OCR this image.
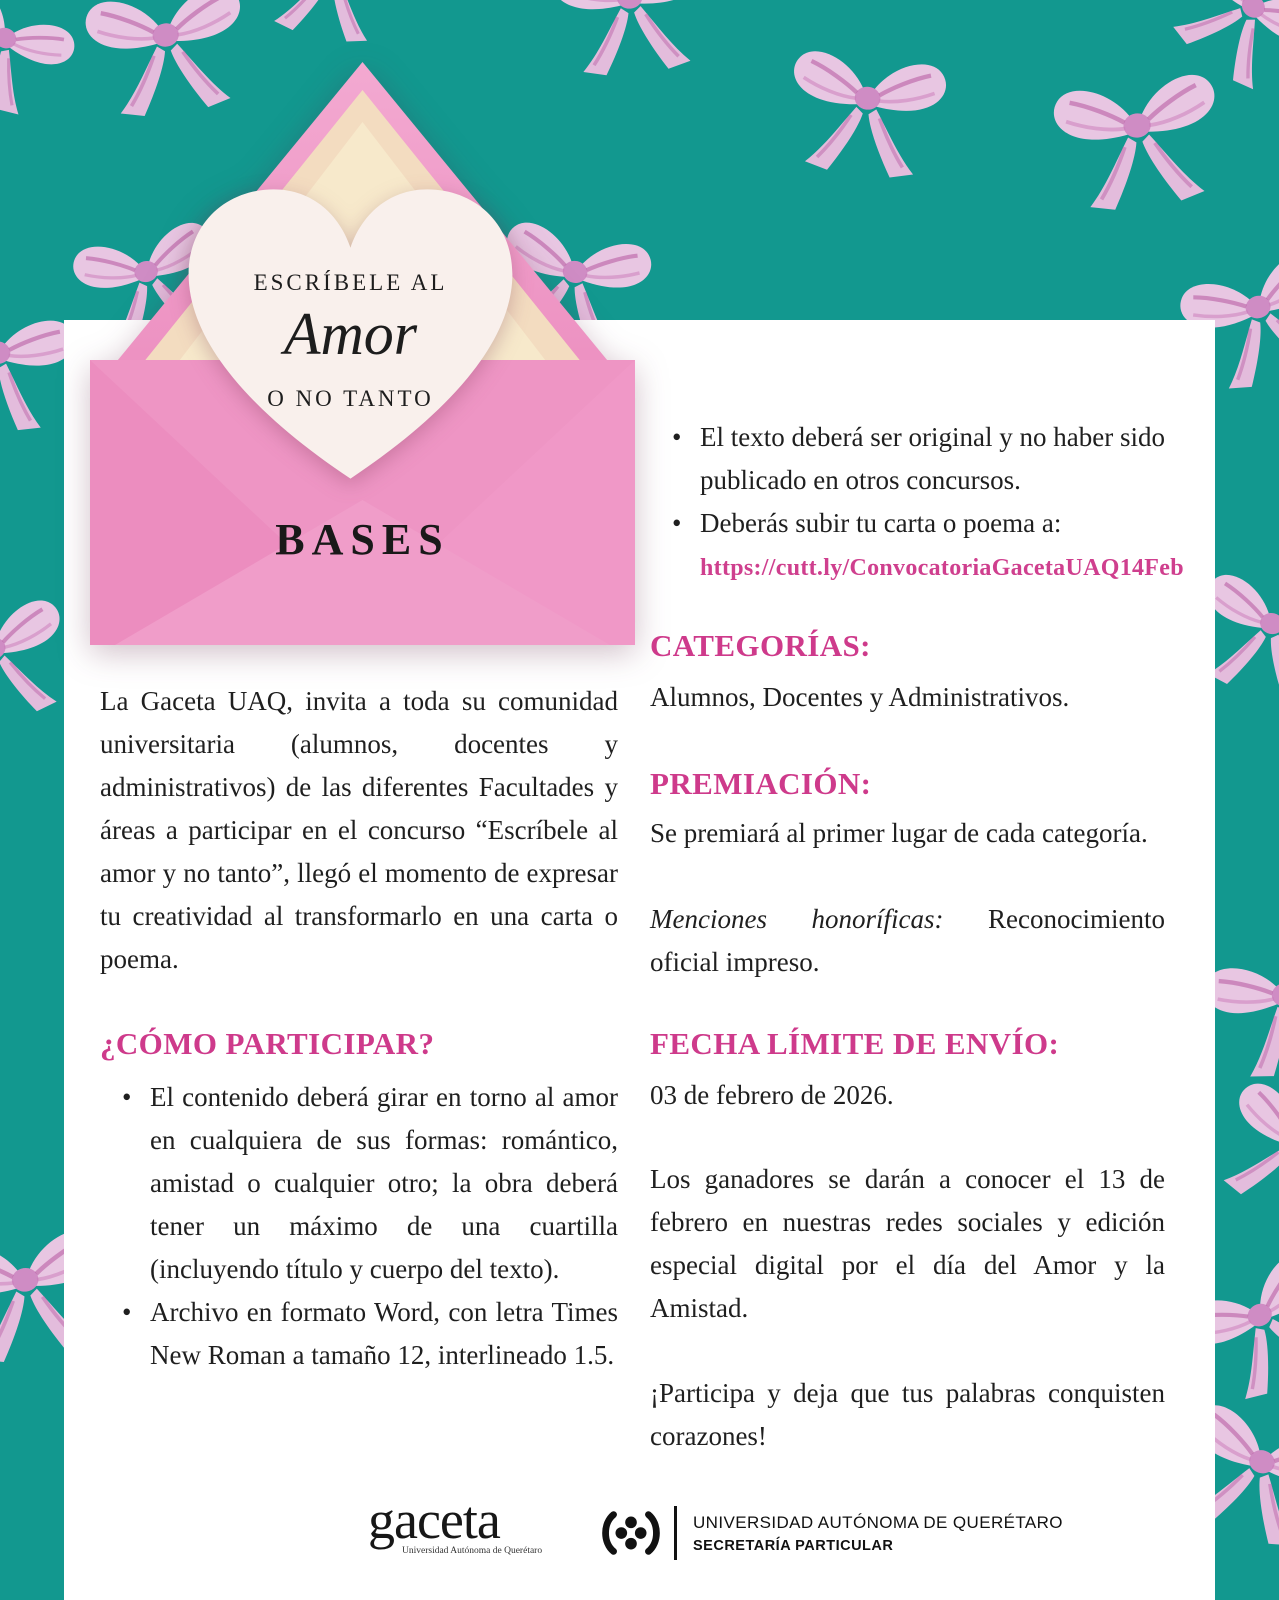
ESCRÍBELE AL
Amor
O NO TANTO
BASES

La Gaceta UAQ, invita a toda su comunidad universitaria (alumnos, docentes y administrativos) de las diferentes Facultades y áreas a participar en el concurso “Escríbele al amor y no tanto”, llegó el momento de expresar tu creatividad al transformarlo en una carta o poema.

¿CÓMO PARTICIPAR?
• El contenido deberá girar en torno al amor en cualquiera de sus formas: romántico, amistad o cualquier otro; la obra deberá tener un máximo de una cuartilla (incluyendo título y cuerpo del texto).
• Archivo en formato Word, con letra Times New Roman a tamaño 12, interlineado 1.5.
• El texto deberá ser original y no haber sido publicado en otros concursos.
• Deberás subir tu carta o poema a:
https://cutt.ly/ConvocatoriaGacetaUAQ14Feb
CATEGORÍAS:

Alumnos, Docentes y Administrativos.

PREMIACIÓN:

Se premiará al primer lugar de cada categoría.

Menciones honoríficas: Reconocimiento oficial impreso.

FECHA LÍMITE DE ENVÍO:

03 de febrero de 2026.

Los ganadores se darán a conocer el 13 de febrero en nuestras redes sociales y edición especial digital por el día del Amor y la Amistad.

¡Participa y deja que tus palabras conquisten corazones!

gaceta
Universidad Autónoma de Querétaro
UNIVERSIDAD AUTÓNOMA DE QUERÉTARO
SECRETARÍA PARTICULAR
